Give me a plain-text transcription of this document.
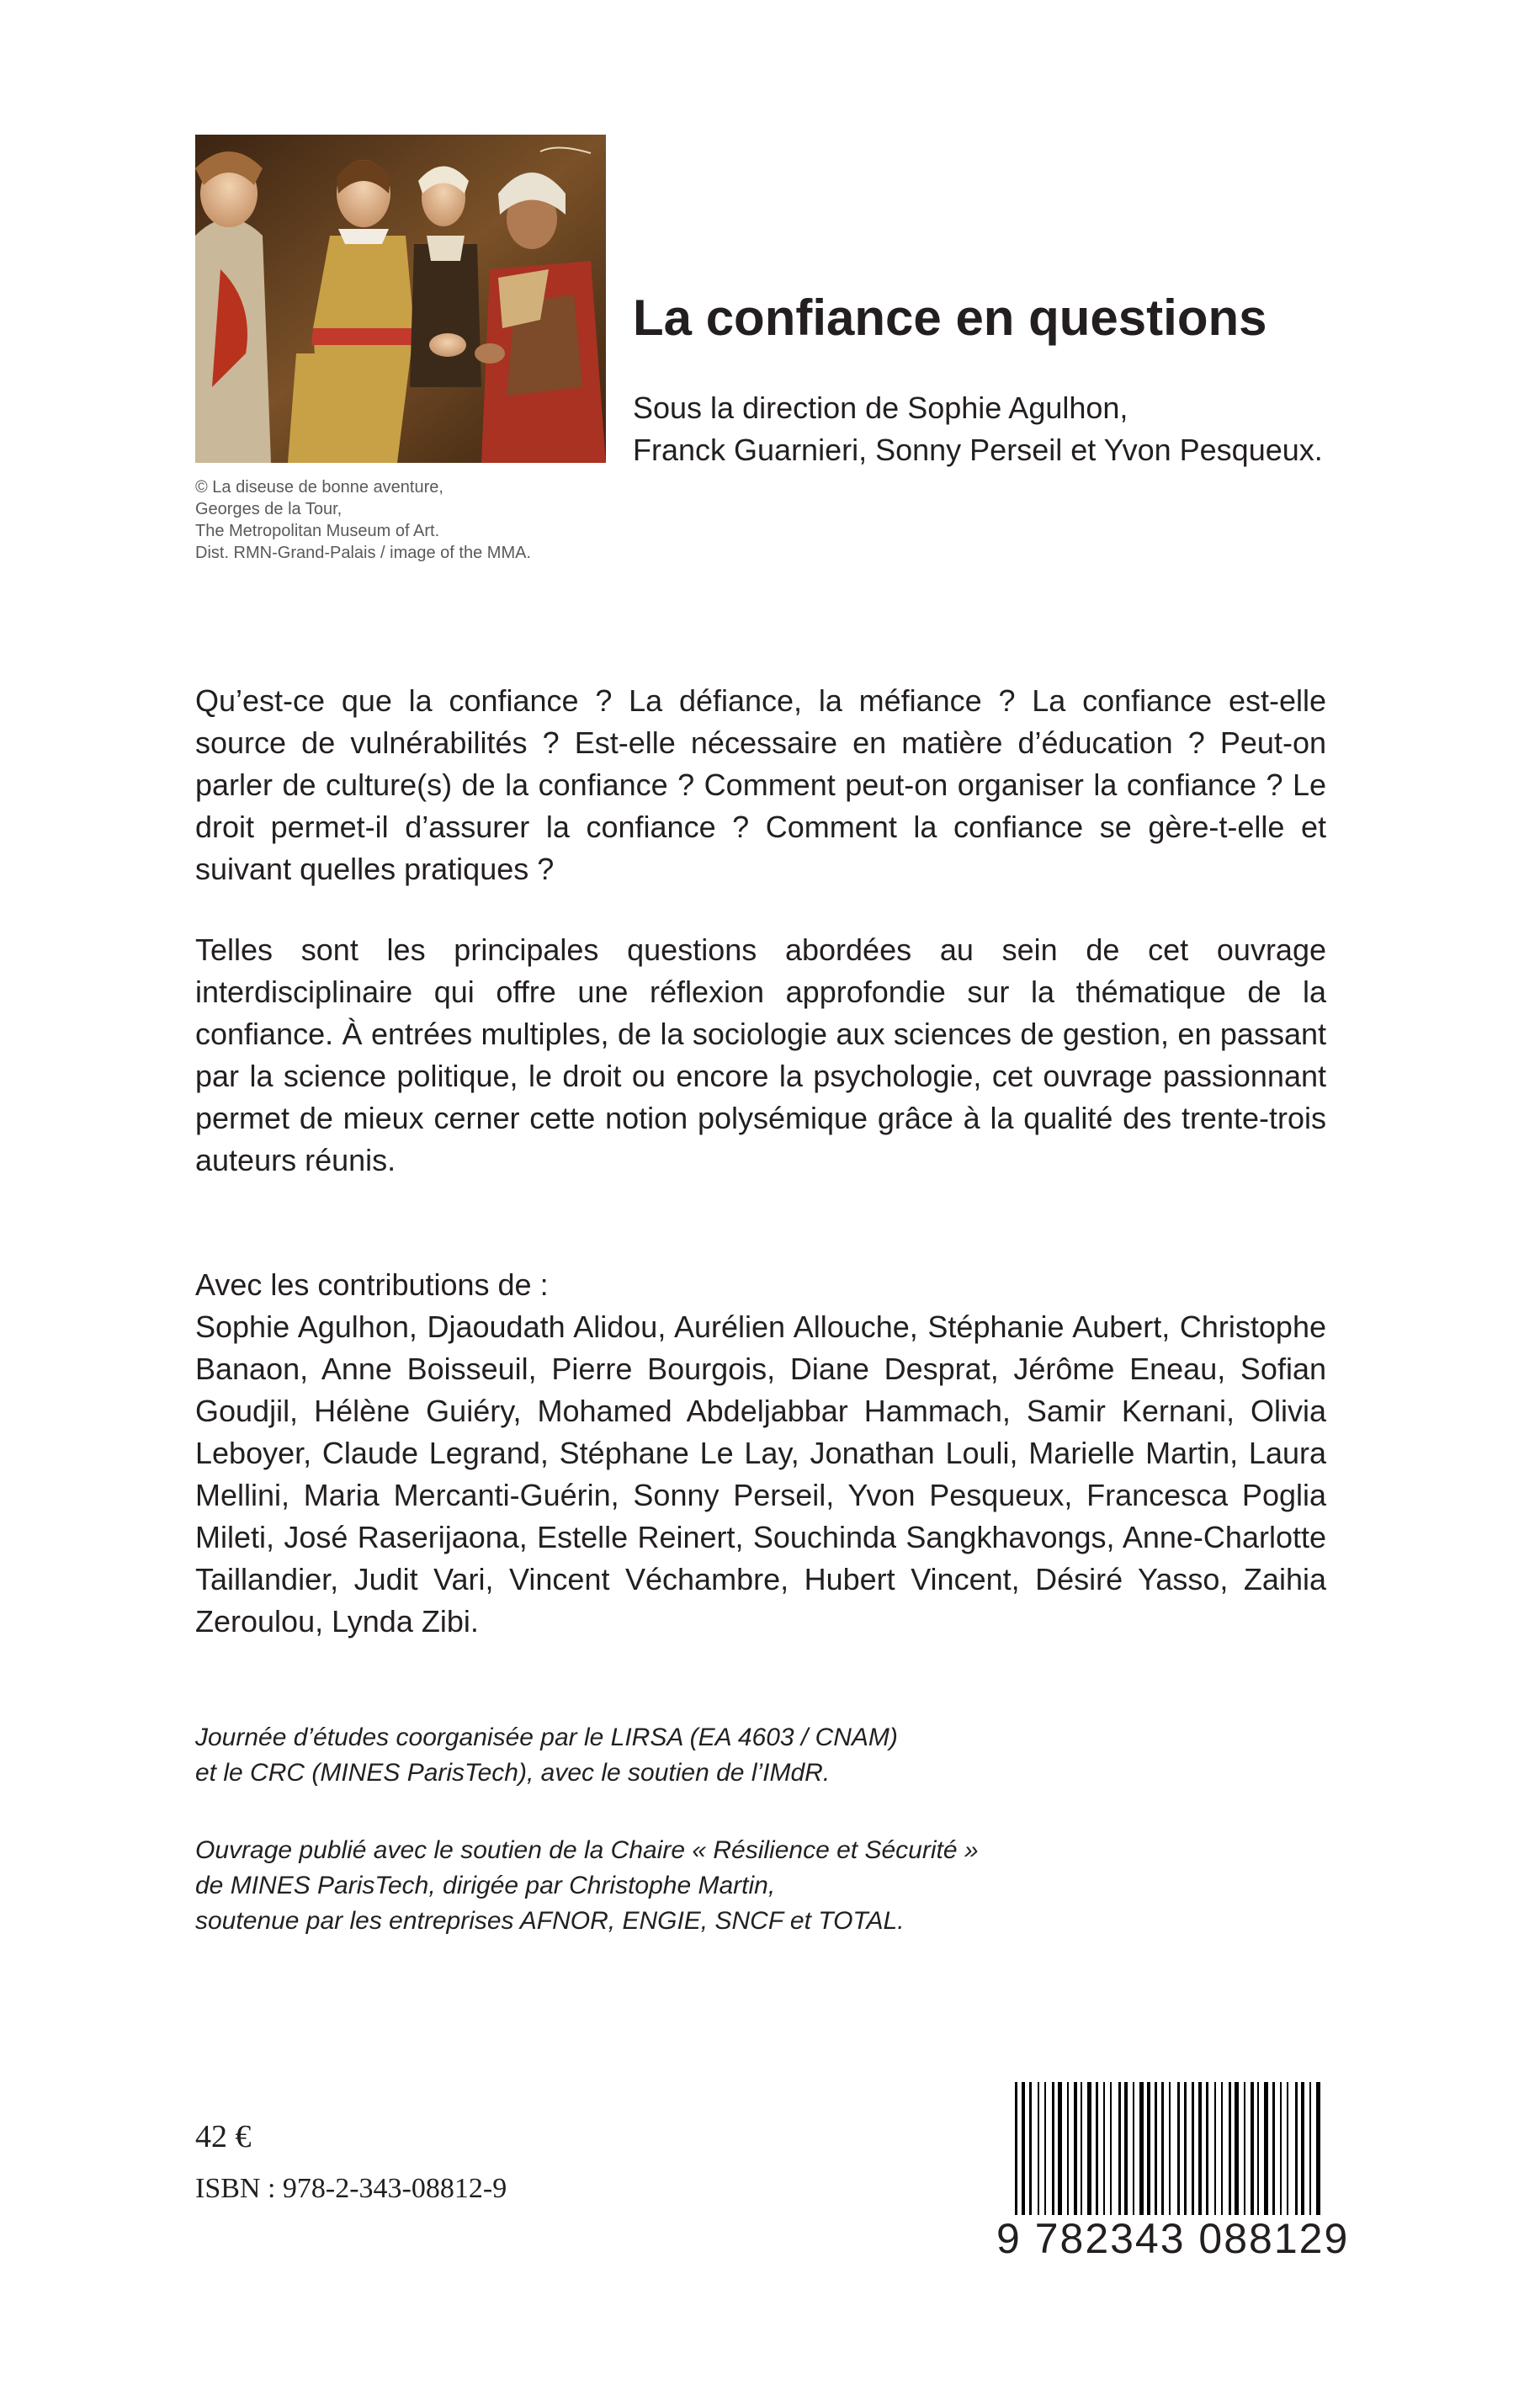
© La diseuse de bonne aventure,
Georges de la Tour,
The Metropolitan Museum of Art.
Dist. RMN-Grand-Palais / image of the MMA.
La confiance en questions
Sous la direction de Sophie Agulhon,
Franck Guarnieri, Sonny Perseil et Yvon Pesqueux.

Qu’est-ce que la confiance ? La défiance, la méfiance ? La confiance est-elle source de vulnérabilités ? Est-elle nécessaire en matière d’éducation ? Peut-on parler de culture(s) de la confiance ? Comment peut-on organiser la confiance ? Le droit permet-il d’assurer la confiance ? Comment la confiance se gère-t-elle et suivant quelles pratiques ?

Telles sont les principales questions abordées au sein de cet ouvrage interdisciplinaire qui offre une réflexion approfondie sur la thématique de la confiance. À entrées multiples, de la sociologie aux sciences de gestion, en passant par la science politique, le droit ou encore la psychologie, cet ouvrage passionnant permet de mieux cerner cette notion polysémique grâce à la qualité des trente-trois auteurs réunis.

Avec les contributions de :

Sophie Agulhon, Djaoudath Alidou, Aurélien Allouche, Stéphanie Aubert, Christophe Banaon, Anne Boisseuil, Pierre Bourgois, Diane Desprat, Jérôme Eneau, Sofian Goudjil, Hélène Guiéry, Mohamed Abdeljabbar Hammach, Samir Kernani, Olivia Leboyer, Claude Legrand, Stéphane Le Lay, Jonathan Louli, Marielle Martin, Laura Mellini, Maria Mercanti-Guérin, Sonny Perseil, Yvon Pesqueux, Francesca Poglia Mileti, José Raserijaona, Estelle Reinert, Souchinda Sangkhavongs, Anne-Charlotte Taillandier, Judit Vari, Vincent Véchambre, Hubert Vincent, Désiré Yasso, Zaihia Zeroulou, Lynda Zibi.

Journée d’études coorganisée par le LIRSA (EA 4603 / CNAM)
et le CRC (MINES ParisTech), avec le soutien de l’IMdR.
Ouvrage publié avec le soutien de la Chaire « Résilience et Sécurité »
de MINES ParisTech, dirigée par Christophe Martin,
soutenue par les entreprises AFNOR, ENGIE, SNCF et TOTAL.
42 €
ISBN : 978-2-343-08812-9
9 782343 088129
